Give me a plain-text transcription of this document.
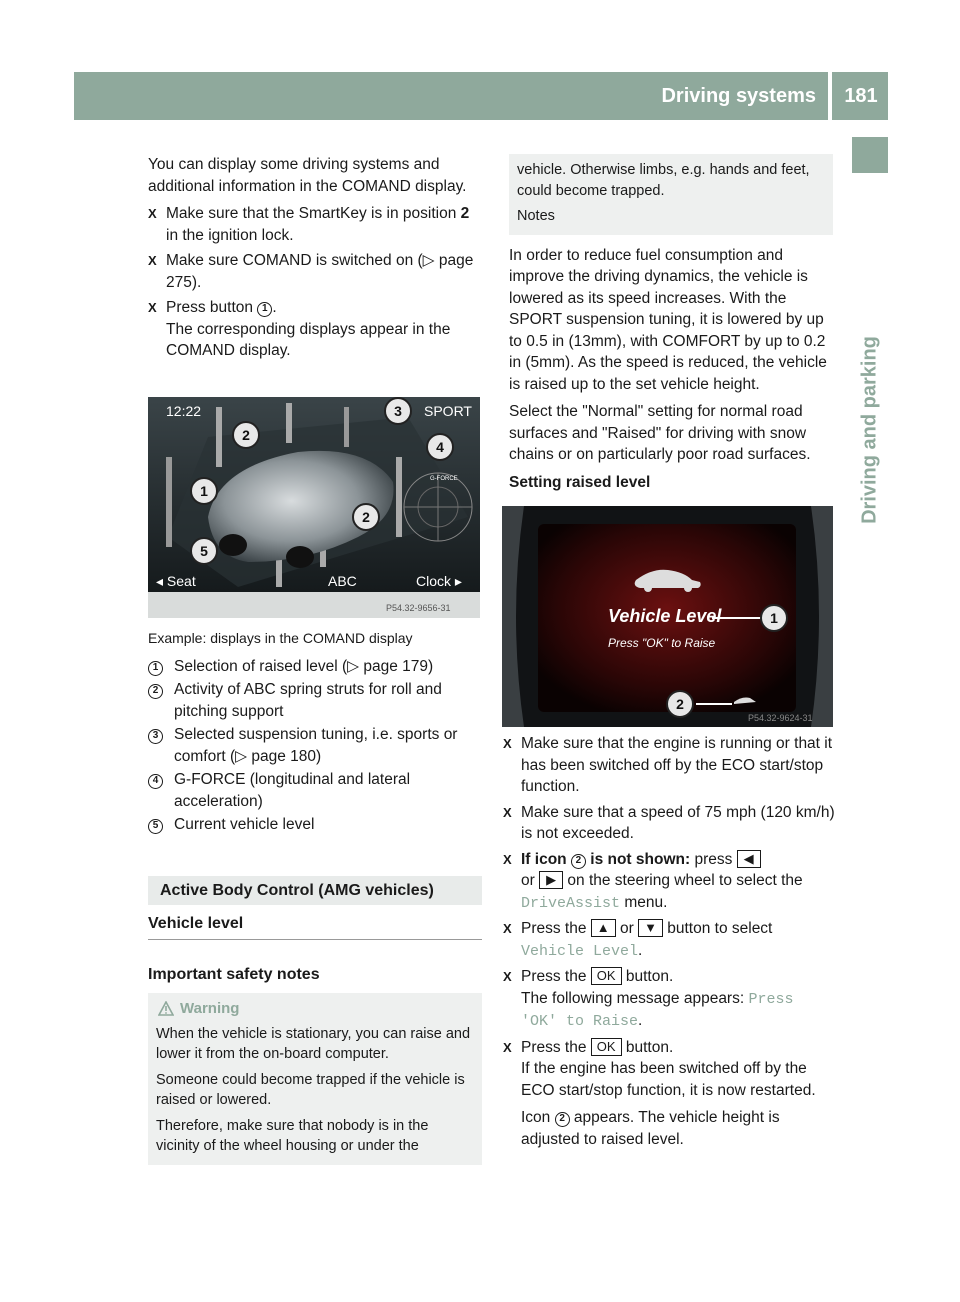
Driving systems	181
Driving and parking

You can display some driving systems and additional information in the COMAND display.

X Make sure that the SmartKey is in position 2 in the ignition lock.
X Make sure COMAND is switched on (▷ page 275).
X Press button 1 .
The corresponding displays appear in the COMAND display.
12:22	SPORT
G-FORCE
◂ Seat	ABC	Clock ▸
P54.32-9656-31
1
2
3
4
5
2

Example: displays in the COMAND display

1	Selection of raised level (▷ page 179)
2	Activity of ABC spring struts for roll and pitching support
3	Selected suspension tuning, i.e. sports or comfort (▷ page 180)
4	G-FORCE (longitudinal and lateral acceleration)
5	Current vehicle level
Active Body Control (AMG vehicles)
Vehicle level
Important safety notes
Warning

When the vehicle is stationary, you can raise and lower it from the on-board computer.

Someone could become trapped if the vehicle is raised or lowered.

Therefore, make sure that nobody is in the vicinity of the wheel housing or under the

vehicle. Otherwise limbs, e.g. hands and feet, could become trapped.

Notes

In order to reduce fuel consumption and improve the driving dynamics, the vehicle is lowered as its speed increases. With the SPORT suspension tuning, it is lowered by up to 0.5 in (13mm), with COMFORT by up to 0.2 in (5mm). As the speed is reduced, the vehicle is raised up to the set vehicle height.

Select the "Normal" setting for normal road surfaces and "Raised" for driving with snow chains or on particularly poor road surfaces.

Setting raised level

Vehicle Level
Press "OK" to Raise
P54.32-9624-31
1
2
X Make sure that the engine is running or that it has been switched off by the ECO start/stop function.
X Make sure that a speed of 75 mph (120 km/h) is not exceeded.
X If icon 2 is not shown: press ◀
or ▶ on the steering wheel to select the DriveAssist menu.
X Press the ▲ or ▼ button to select Vehicle Level.
X Press the OK button.
The following message appears: Press 'OK' to Raise.
X Press the OK button.
If the engine has been switched off by the ECO start/stop function, it is now restarted.
Icon 2 appears. The vehicle height is adjusted to raised level.
